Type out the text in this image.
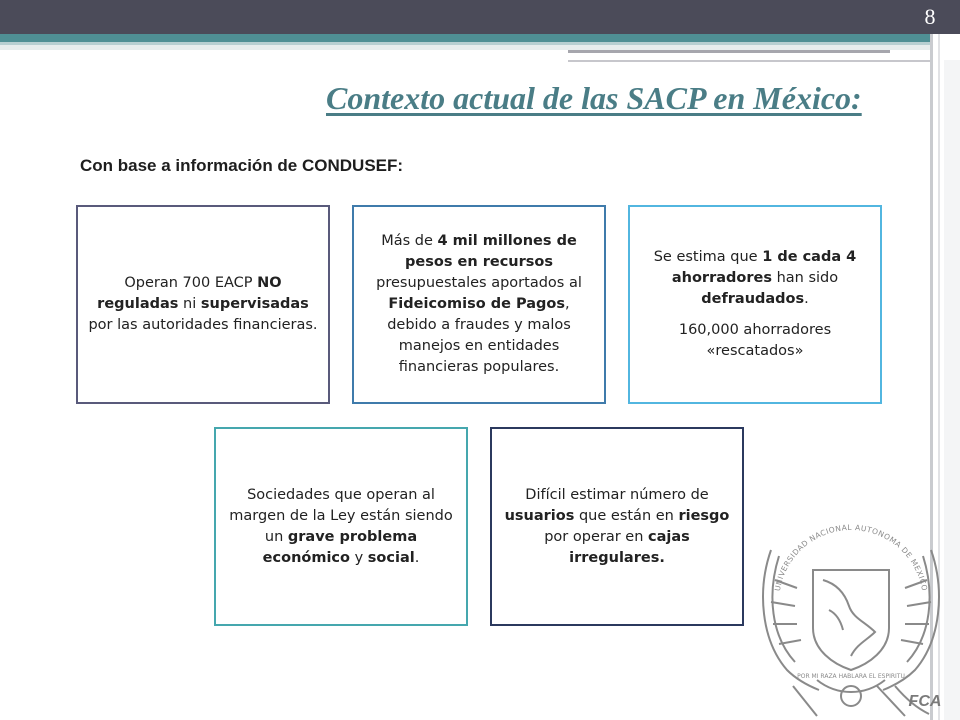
8
Contexto actual de las SACP en México:
Con base a información de CONDUSEF:

Operan 700 EACP NO reguladas ni supervisadas por las autoridades financieras.

Más de 4 mil millones de pesos en recursos presupuestales aportados al Fideicomiso de Pagos, debido a fraudes y malos manejos en entidades financieras populares.

Se estima que 1 de cada 4 ahorradores han sido defraudados.

160,000 ahorradores «rescatados»

Sociedades que operan al margen de la Ley están siendo un grave problema económico y social.

Difícil estimar número de usuarios que están en riesgo por operar en cajas irregulares.

UNIVERSIDAD NACIONAL AUTONOMA DE MEXICO
POR MI RAZA HABLARA EL ESPIRITU
FCA
